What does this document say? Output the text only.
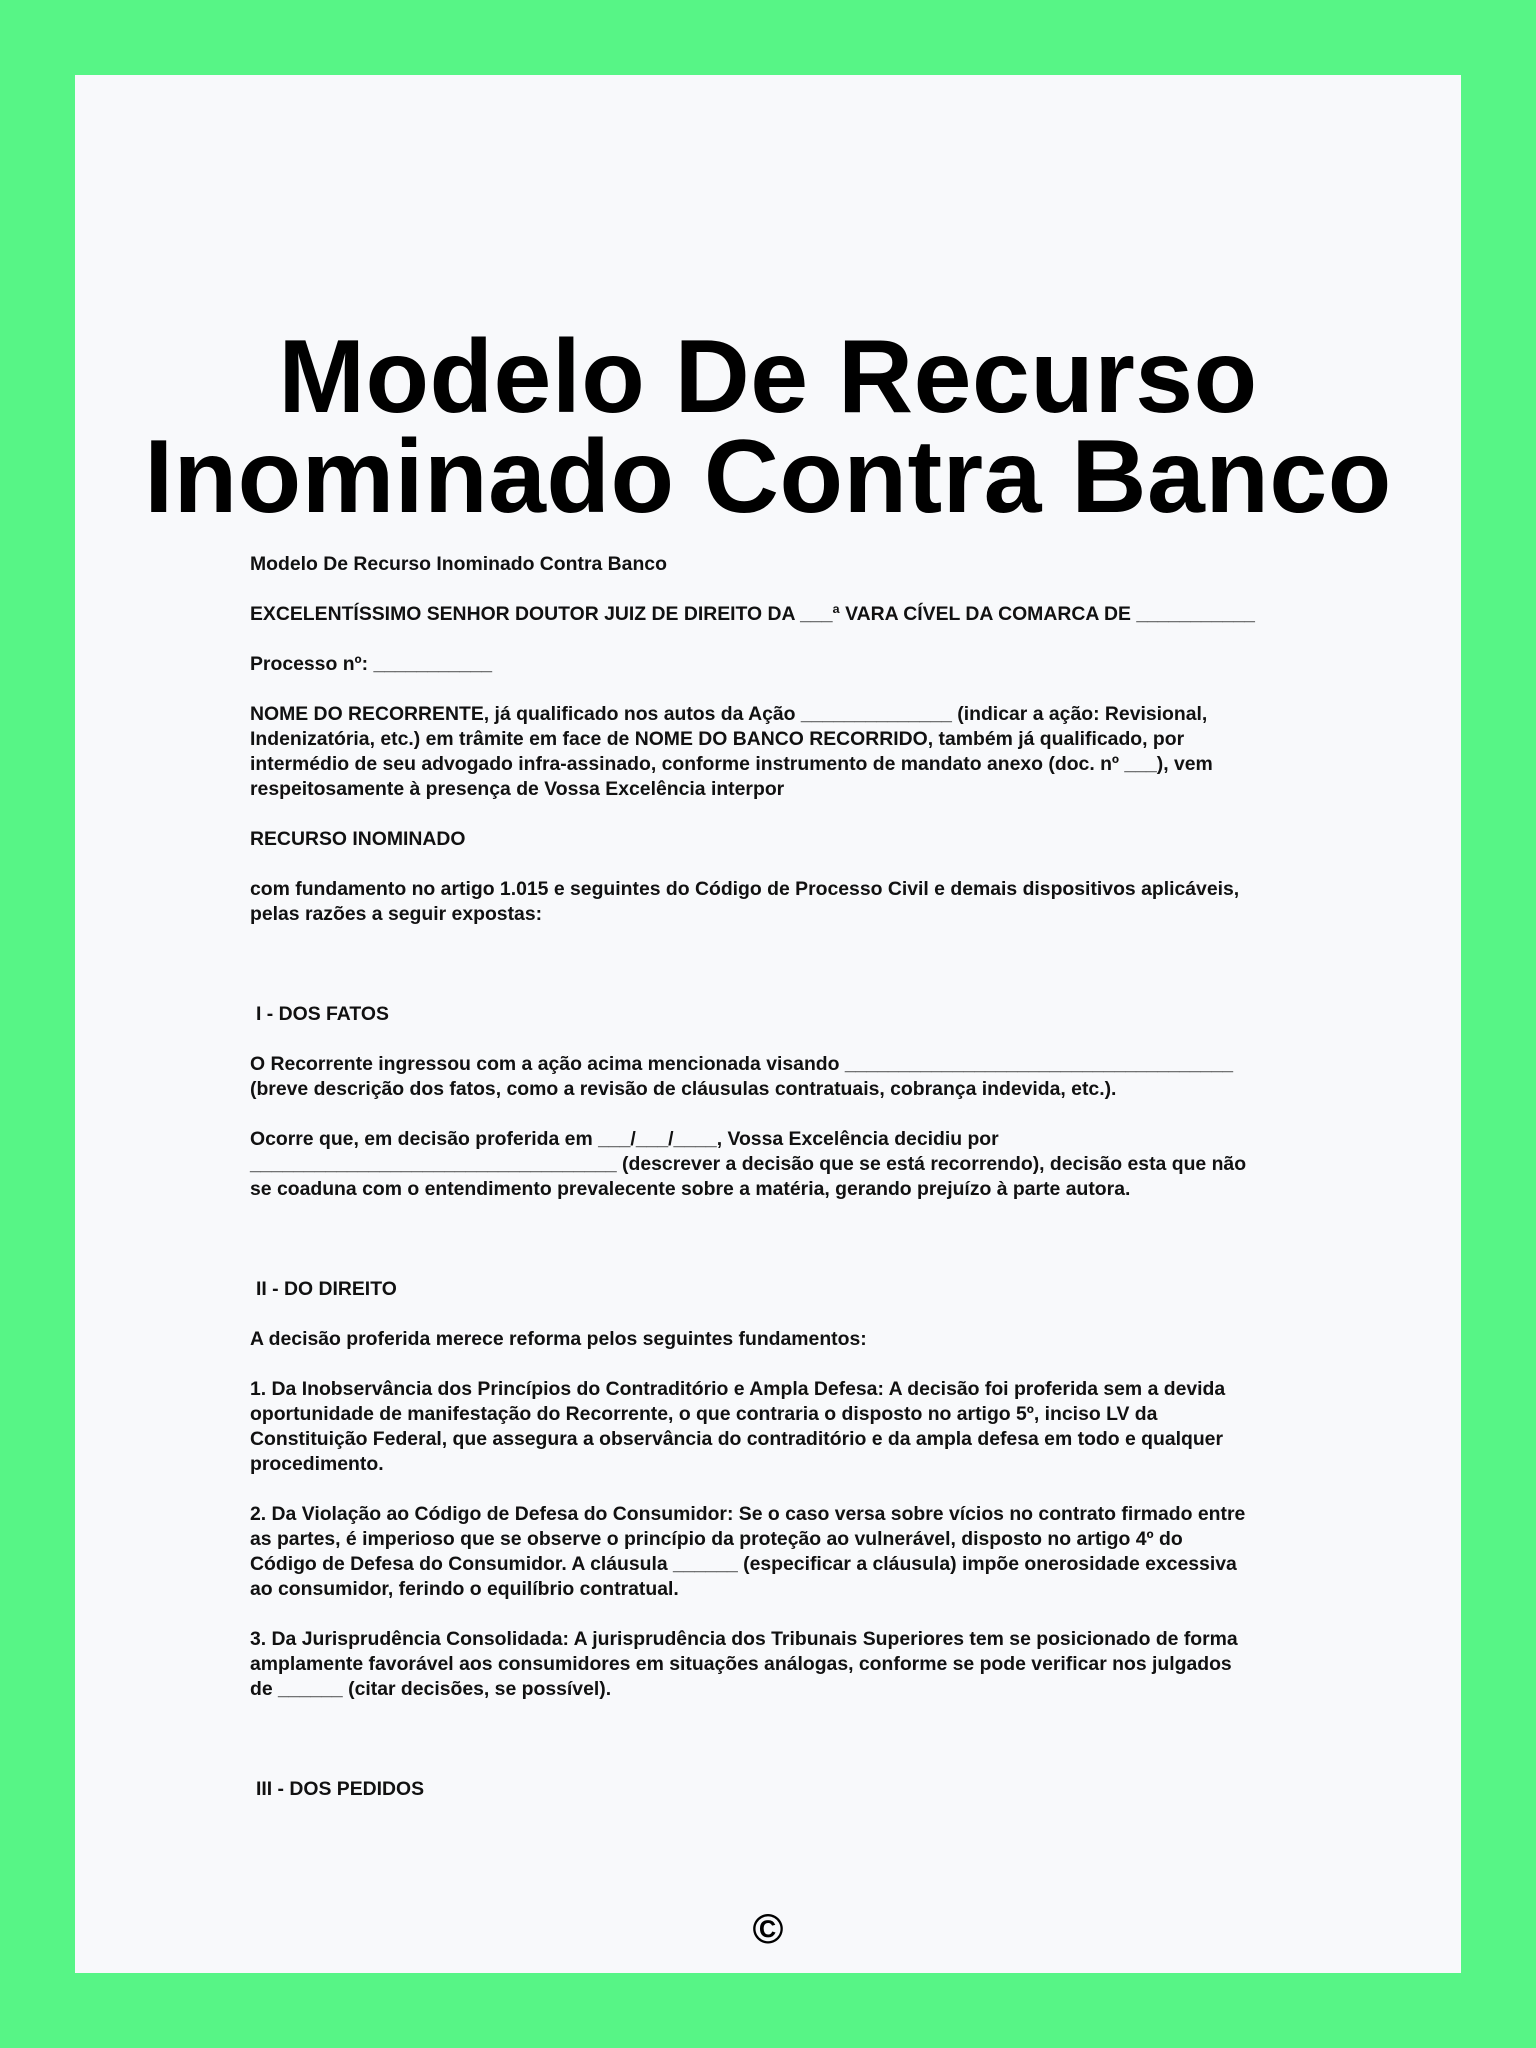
Modelo De Recurso
Inominado Contra Banco

Modelo De Recurso Inominado Contra Banco

EXCELENTÍSSIMO SENHOR DOUTOR JUIZ DE DIREITO DA ___ª VARA CÍVEL DA COMARCA DE ___________

Processo nº: ___________

NOME DO RECORRENTE, já qualificado nos autos da Ação ______________ (indicar a ação: Revisional,
Indenizatória, etc.) em trâmite em face de NOME DO BANCO RECORRIDO, também já qualificado, por
intermédio de seu advogado infra-assinado, conforme instrumento de mandato anexo (doc. nº ___), vem
respeitosamente à presença de Vossa Excelência interpor

RECURSO INOMINADO

com fundamento no artigo 1.015 e seguintes do Código de Processo Civil e demais dispositivos aplicáveis,
pelas razões a seguir expostas:

I - DOS FATOS

O Recorrente ingressou com a ação acima mencionada visando ____________________________________
(breve descrição dos fatos, como a revisão de cláusulas contratuais, cobrança indevida, etc.).

Ocorre que, em decisão proferida em ___/___/____, Vossa Excelência decidiu por
__________________________________ (descrever a decisão que se está recorrendo), decisão esta que não
se coaduna com o entendimento prevalecente sobre a matéria, gerando prejuízo à parte autora.

II - DO DIREITO

A decisão proferida merece reforma pelos seguintes fundamentos:

1. Da Inobservância dos Princípios do Contraditório e Ampla Defesa: A decisão foi proferida sem a devida
oportunidade de manifestação do Recorrente, o que contraria o disposto no artigo 5º, inciso LV da
Constituição Federal, que assegura a observância do contraditório e da ampla defesa em todo e qualquer
procedimento.

2. Da Violação ao Código de Defesa do Consumidor: Se o caso versa sobre vícios no contrato firmado entre
as partes, é imperioso que se observe o princípio da proteção ao vulnerável, disposto no artigo 4º do
Código de Defesa do Consumidor. A cláusula ______ (especificar a cláusula) impõe onerosidade excessiva
ao consumidor, ferindo o equilíbrio contratual.

3. Da Jurisprudência Consolidada: A jurisprudência dos Tribunais Superiores tem se posicionado de forma
amplamente favorável aos consumidores em situações análogas, conforme se pode verificar nos julgados
de ______ (citar decisões, se possível).

III - DOS PEDIDOS

©
